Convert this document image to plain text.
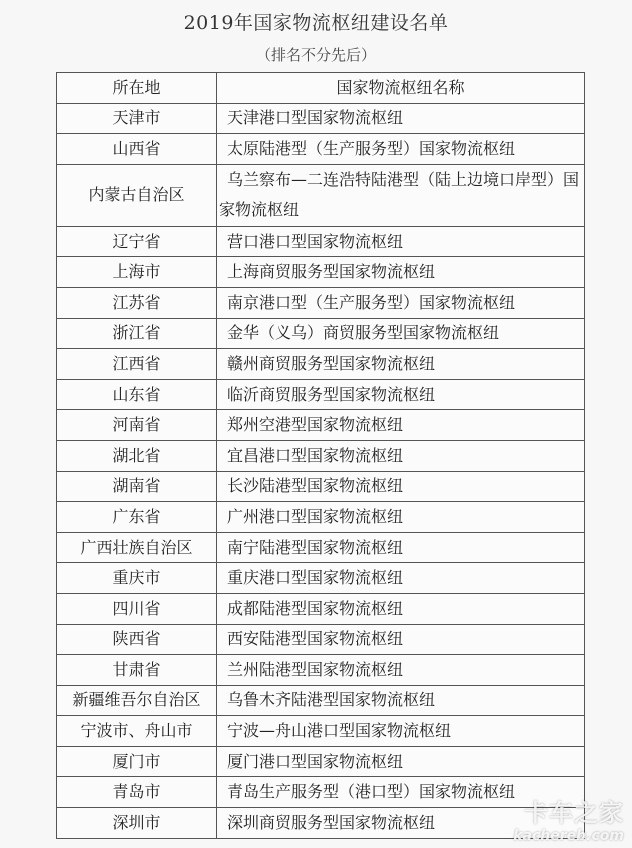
2019年国家物流枢纽建设名单
（排名不分先后）
所在地	国家物流枢纽名称
天津市	天津港口型国家物流枢纽
山西省	太原陆港型（生产服务型）国家物流枢纽
内蒙古自治区	乌兰察布—二连浩特陆港型（陆上边境口岸型）国家物流枢纽
辽宁省	营口港口型国家物流枢纽
上海市	上海商贸服务型国家物流枢纽
江苏省	南京港口型（生产服务型）国家物流枢纽
浙江省	金华（义乌）商贸服务型国家物流枢纽
江西省	赣州商贸服务型国家物流枢纽
山东省	临沂商贸服务型国家物流枢纽
河南省	郑州空港型国家物流枢纽
湖北省	宜昌港口型国家物流枢纽
湖南省	长沙陆港型国家物流枢纽
广东省	广州港口型国家物流枢纽
广西壮族自治区	南宁陆港型国家物流枢纽
重庆市	重庆港口型国家物流枢纽
四川省	成都陆港型国家物流枢纽
陕西省	西安陆港型国家物流枢纽
甘肃省	兰州陆港型国家物流枢纽
新疆维吾尔自治区	乌鲁木齐陆港型国家物流枢纽
宁波市、舟山市	宁波—舟山港口型国家物流枢纽
厦门市	厦门港口型国家物流枢纽
青岛市	青岛生产服务型（港口型）国家物流枢纽
深圳市	深圳商贸服务型国家物流枢纽	卡车之家
kachereb.com
